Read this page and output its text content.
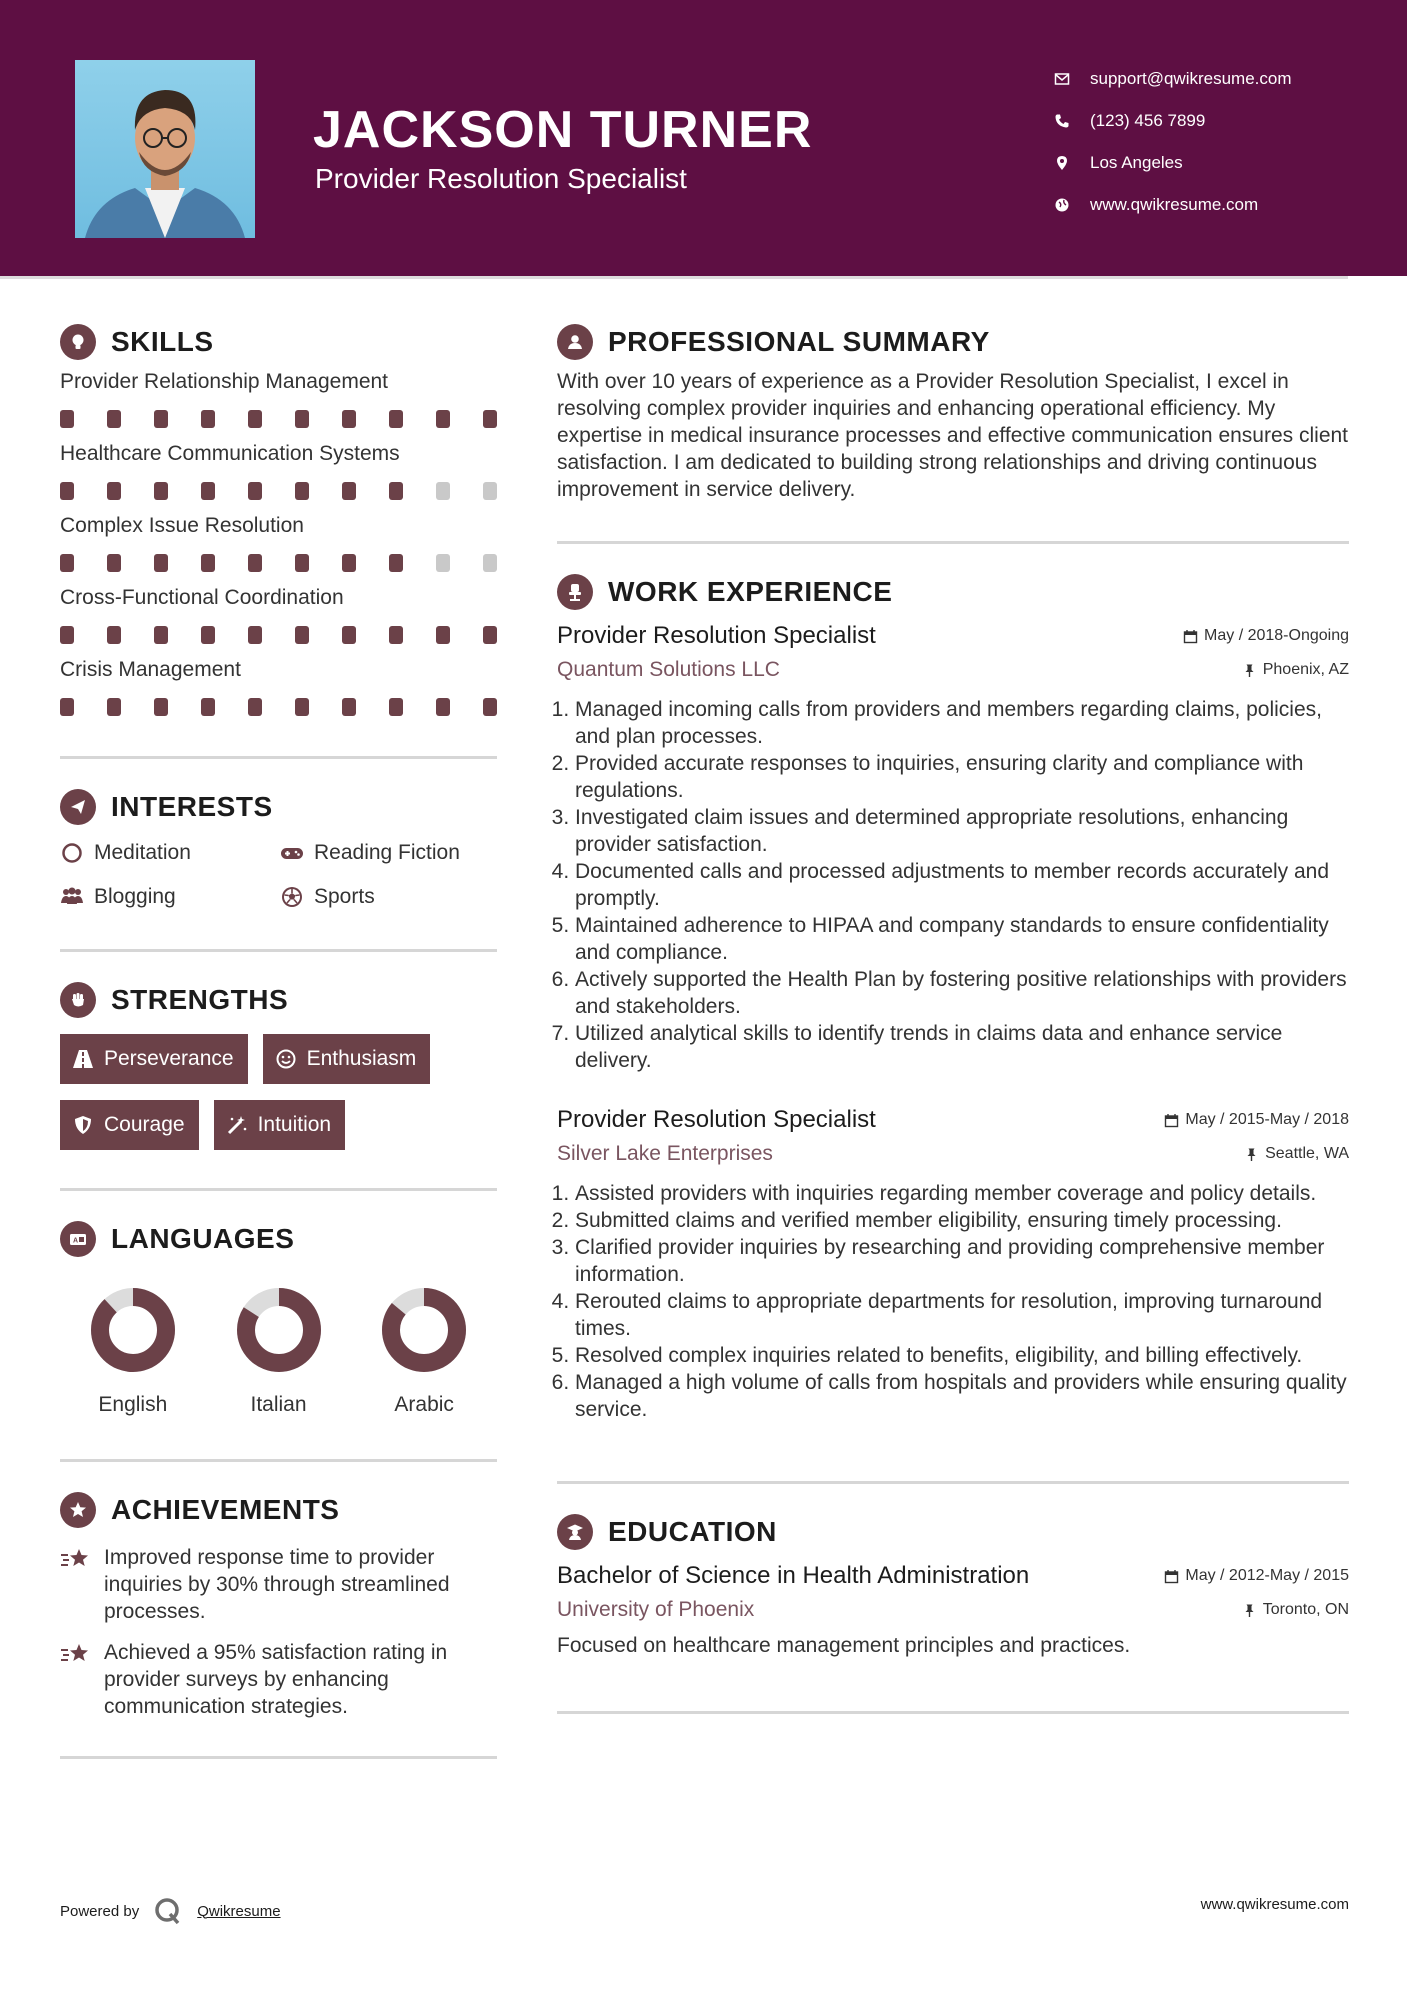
JACKSON TURNER
Provider Resolution Specialist
support@qwikresume.com
(123) 456 7899
Los Angeles
www.qwikresume.com
SKILLS
Provider Relationship Management
Healthcare Communication Systems
Complex Issue Resolution
Cross-Functional Coordination
Crisis Management
INTERESTS
Meditation	Reading Fiction
Blogging	Sports
STRENGTHS
Perseverance	Enthusiasm
Courage	Intuition
A LANGUAGES
English	Italian	Arabic
ACHIEVEMENTS
Improved response time to provider inquiries by 30% through streamlined processes.
Achieved a 95% satisfaction rating in provider surveys by enhancing communication strategies.
PROFESSIONAL SUMMARY
With over 10 years of experience as a Provider Resolution Specialist, I excel in resolving complex provider inquiries and enhancing operational efficiency. My expertise in medical insurance processes and effective communication ensures client satisfaction. I am dedicated to building strong relationships and driving continuous improvement in service delivery.
WORK EXPERIENCE
Provider Resolution Specialist	May / 2018-Ongoing
Quantum Solutions LLC	Phoenix, AZ
1. Managed incoming calls from providers and members regarding claims, policies, and plan processes.
2. Provided accurate responses to inquiries, ensuring clarity and compliance with regulations.
3. Investigated claim issues and determined appropriate resolutions, enhancing provider satisfaction.
4. Documented calls and processed adjustments to member records accurately and promptly.
5. Maintained adherence to HIPAA and company standards to ensure confidentiality and compliance.
6. Actively supported the Health Plan by fostering positive relationships with providers and stakeholders.
7. Utilized analytical skills to identify trends in claims data and enhance service delivery.
Provider Resolution Specialist	May / 2015-May / 2018
Silver Lake Enterprises	Seattle, WA
1. Assisted providers with inquiries regarding member coverage and policy details.
2. Submitted claims and verified member eligibility, ensuring timely processing.
3. Clarified provider inquiries by researching and providing comprehensive member information.
4. Rerouted claims to appropriate departments for resolution, improving turnaround times.
5. Resolved complex inquiries related to benefits, eligibility, and billing effectively.
6. Managed a high volume of calls from hospitals and providers while ensuring quality service.
EDUCATION
Bachelor of Science in Health Administration	May / 2012-May / 2015
University of Phoenix	Toronto, ON
Focused on healthcare management principles and practices.
Powered by	Qwikresume	www.qwikresume.com
